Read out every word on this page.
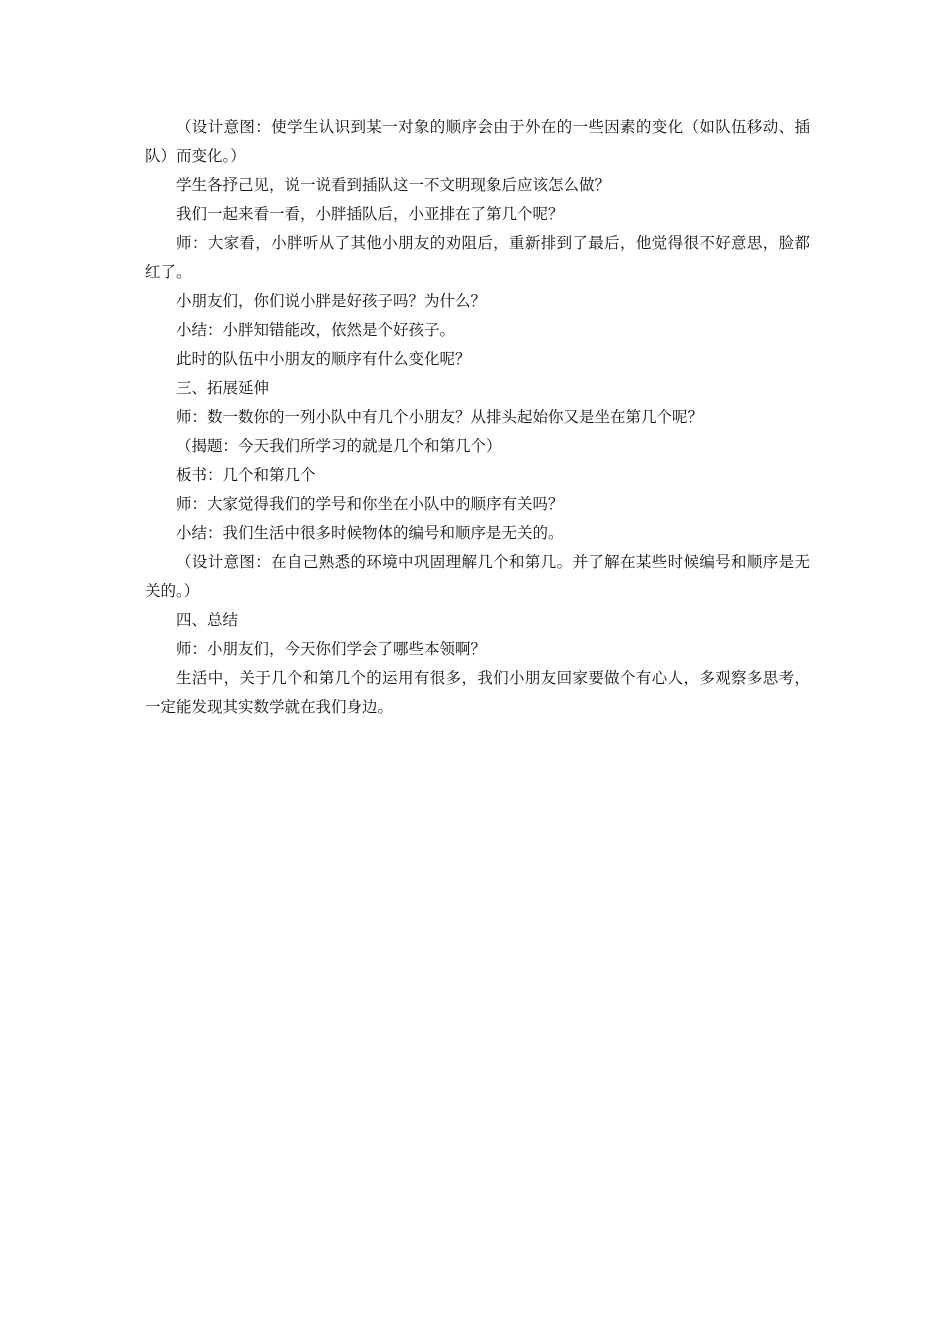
（设计意图：使学生认识到某一对象的顺序会由于外在的一些因素的变化（如队伍移动、插队）而变化。）

学生各抒己见，说一说看到插队这一不文明现象后应该怎么做？

我们一起来看一看，小胖插队后，小亚排在了第几个呢？

师：大家看，小胖听从了其他小朋友的劝阻后，重新排到了最后，他觉得很不好意思，脸都红了。

小朋友们，你们说小胖是好孩子吗？为什么？

小结：小胖知错能改，依然是个好孩子。

此时的队伍中小朋友的顺序有什么变化呢？

三、拓展延伸

师：数一数你的一列小队中有几个小朋友？从排头起始你又是坐在第几个呢？

（揭题：今天我们所学习的就是几个和第几个）

板书：几个和第几个

师：大家觉得我们的学号和你坐在小队中的顺序有关吗？

小结：我们生活中很多时候物体的编号和顺序是无关的。

（设计意图：在自己熟悉的环境中巩固理解几个和第几。并了解在某些时候编号和顺序是无关的。）

四、总结

师：小朋友们，今天你们学会了哪些本领啊？

生活中，关于几个和第几个的运用有很多，我们小朋友回家要做个有心人，多观察多思考，一定能发现其实数学就在我们身边。
